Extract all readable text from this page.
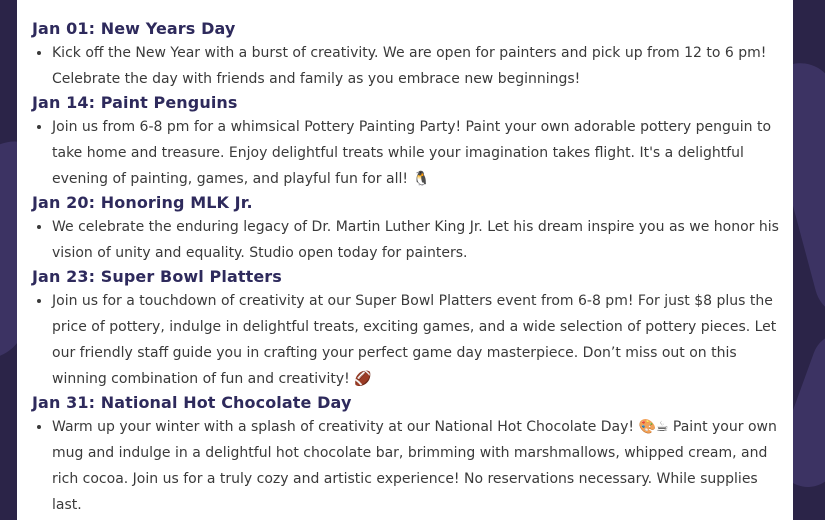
Jan 01: New Years Day
• Kick off the New Year with a burst of creativity. We are open for painters and pick up from 12 to 6 pm! Celebrate the day with friends and family as you embrace new beginnings!
Jan 14: Paint Penguins
• Join us from 6-8 pm for a whimsical Pottery Painting Party! Paint your own adorable pottery penguin to take home and treasure. Enjoy delightful treats while your imagination takes flight. It's a delightful evening of painting, games, and playful fun for all! 🐧
Jan 20: Honoring MLK Jr.
• We celebrate the enduring legacy of Dr. Martin Luther King Jr. Let his dream inspire you as we honor his vision of unity and equality. Studio open today for painters.
Jan 23: Super Bowl Platters
• Join us for a touchdown of creativity at our Super Bowl Platters event from 6-8 pm! For just $8 plus the price of pottery, indulge in delightful treats, exciting games, and a wide selection of pottery pieces. Let our friendly staff guide you in crafting your perfect game day masterpiece. Don’t miss out on this winning combination of fun and creativity! 🏈
Jan 31: National Hot Chocolate Day
• Warm up your winter with a splash of creativity at our National Hot Chocolate Day! 🎨☕ Paint your own mug and indulge in a delightful hot chocolate bar, brimming with marshmallows, whipped cream, and rich cocoa. Join us for a truly cozy and artistic experience! No reservations necessary. While supplies last.
